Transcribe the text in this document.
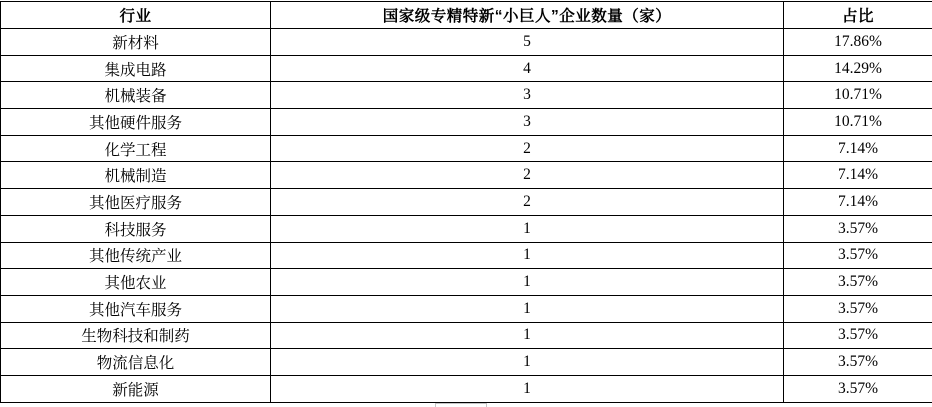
行业	国家级专精特新“小巨人”企业数量（家）	占比
新材料	5	17.86%
集成电路	4	14.29%
机械装备	3	10.71%
其他硬件服务	3	10.71%
化学工程	2	7.14%
机械制造	2	7.14%
其他医疗服务	2	7.14%
科技服务	1	3.57%
其他传统产业	1	3.57%
其他农业	1	3.57%
其他汽车服务	1	3.57%
生物科技和制药	1	3.57%
物流信息化	1	3.57%
新能源	1	3.57%
